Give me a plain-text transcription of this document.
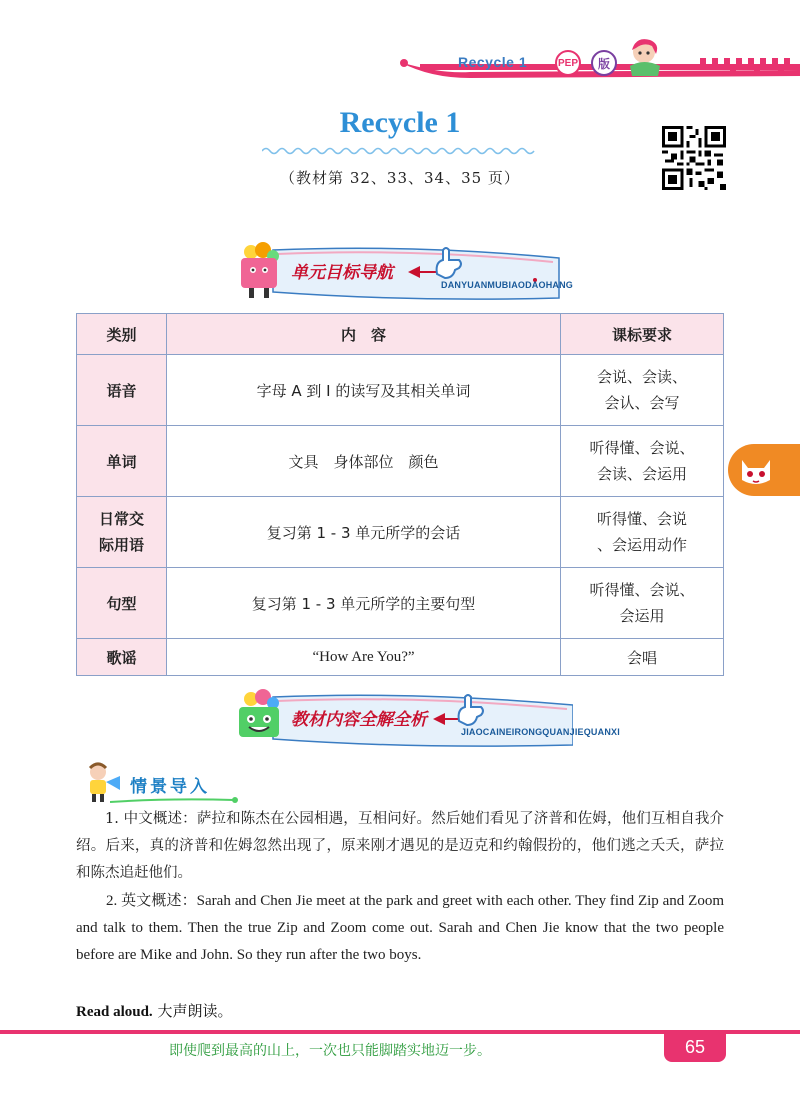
Recycle 1	PEP	版
Recycle 1
（教材第 32、33、34、35 页）
单元目标导航
DANYUANMUBIAODAOHANG
类别	内　容	课标要求
语音	字母 A 到 I 的读写及其相关单词	会说、会读、
会认、会写
单词	文具　身体部位　颜色	听得懂、会说、
会读、会运用
日常交
际用语	复习第 1 - 3 单元所学的会话	听得懂、会说
、会运用动作
句型	复习第 1 - 3 单元所学的主要句型	听得懂、会说、
会运用
歌谣	“How Are You?”	会唱
教材内容全解全析
JIAOCAINEIRONGQUANJIEQUANXI
情景导入
1. 中文概述：萨拉和陈杰在公园相遇，互相问好。然后她们看见了济普和佐姆，他们互相自我介绍。后来，真的济普和佐姆忽然出现了，原来刚才遇见的是迈克和约翰假扮的，他们逃之夭夭，萨拉和陈杰追赶他们。
2. 英文概述：Sarah and Chen Jie meet at the park and greet with each other. They find Zip and Zoom and talk to them. Then the true Zip and Zoom come out. Sarah and Chen Jie know that the two people before are Mike and John. So they run after the two boys.
Read aloud. 大声朗读。
即使爬到最高的山上，一次也只能脚踏实地迈一步。	65
